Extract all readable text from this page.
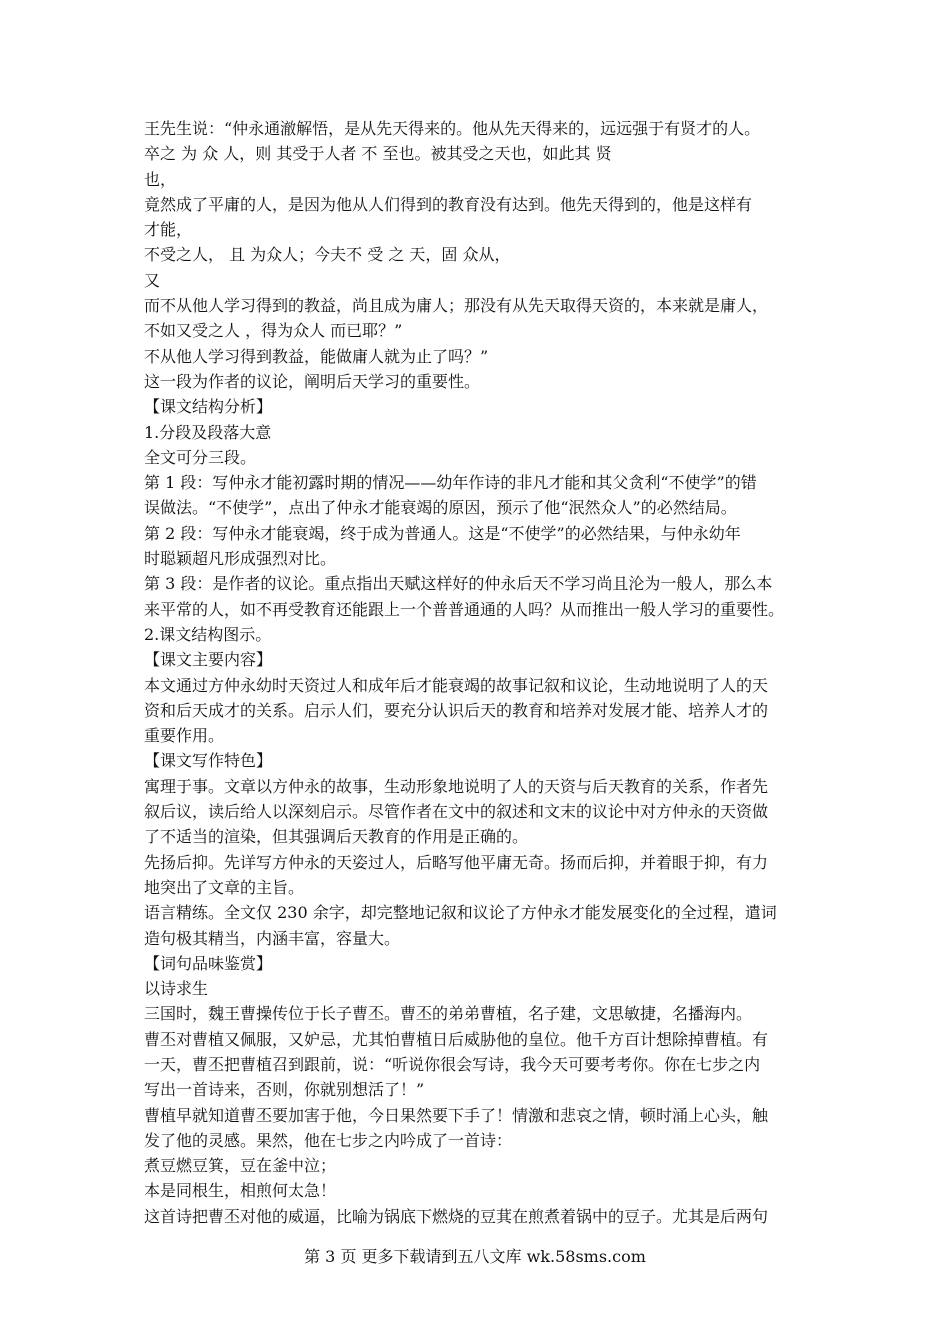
王先生说：“仲永通澈解悟，是从先天得来的。他从先天得来的，远远强于有贤才的人。
卒之 为 众 人，则 其受于人者 不 至也。被其受之天也，如此其 贤
也，
竟然成了平庸的人，是因为他从人们得到的教育没有达到。他先天得到的，他是这样有
才能，
不受之人， 且 为众人；今夫不 受 之 天，固 众从，
又
而不从他人学习得到的教益，尚且成为庸人；那没有从先天取得天资的，本来就是庸人，
不如又受之人 ，得为众人 而已耶？”
不从他人学习得到教益，能做庸人就为止了吗？”
这一段为作者的议论，阐明后天学习的重要性。
【课文结构分析】
1.分段及段落大意
全文可分三段。
第 1 段：写仲永才能初露时期的情况——幼年作诗的非凡才能和其父贪利“不使学”的错
误做法。“不使学”，点出了仲永才能衰竭的原因，预示了他“泯然众人”的必然结局。
第 2 段：写仲永才能衰竭，终于成为普通人。这是“不使学”的必然结果，与仲永幼年
时聪颖超凡形成强烈对比。
第 3 段：是作者的议论。重点指出天赋这样好的仲永后天不学习尚且沦为一般人，那么本
来平常的人，如不再受教育还能跟上一个普普通通的人吗？从而推出一般人学习的重要性。
2.课文结构图示。
【课文主要内容】
本文通过方仲永幼时天资过人和成年后才能衰竭的故事记叙和议论，生动地说明了人的天
资和后天成才的关系。启示人们，要充分认识后天的教育和培养对发展才能、培养人才的
重要作用。
【课文写作特色】
寓理于事。文章以方仲永的故事，生动形象地说明了人的天资与后天教育的关系，作者先
叙后议，读后给人以深刻启示。尽管作者在文中的叙述和文末的议论中对方仲永的天资做
了不适当的渲染，但其强调后天教育的作用是正确的。
先扬后抑。先详写方仲永的天姿过人，后略写他平庸无奇。扬而后抑，并着眼于抑，有力
地突出了文章的主旨。
语言精练。全文仅 230 余字，却完整地记叙和议论了方仲永才能发展变化的全过程，遣词
造句极其精当，内涵丰富，容量大。
【词句品味鉴赏】
以诗求生
三国时，魏王曹操传位于长子曹丕。曹丕的弟弟曹植，名子建，文思敏捷，名播海内。
曹丕对曹植又佩服，又妒忌，尤其怕曹植日后威胁他的皇位。他千方百计想除掉曹植。有
一天，曹丕把曹植召到跟前，说：“听说你很会写诗，我今天可要考考你。你在七步之内
写出一首诗来，否则，你就别想活了！”
曹植早就知道曹丕要加害于他，今日果然要下手了！情激和悲哀之情，顿时涌上心头，触
发了他的灵感。果然，他在七步之内吟成了一首诗：
煮豆燃豆箕，豆在釜中泣；
本是同根生，相煎何太急！
这首诗把曹丕对他的威逼，比喻为锅底下燃烧的豆萁在煎煮着锅中的豆子。尤其是后两句
第 3 页 更多下载请到五八文库 wk.58sms.com
